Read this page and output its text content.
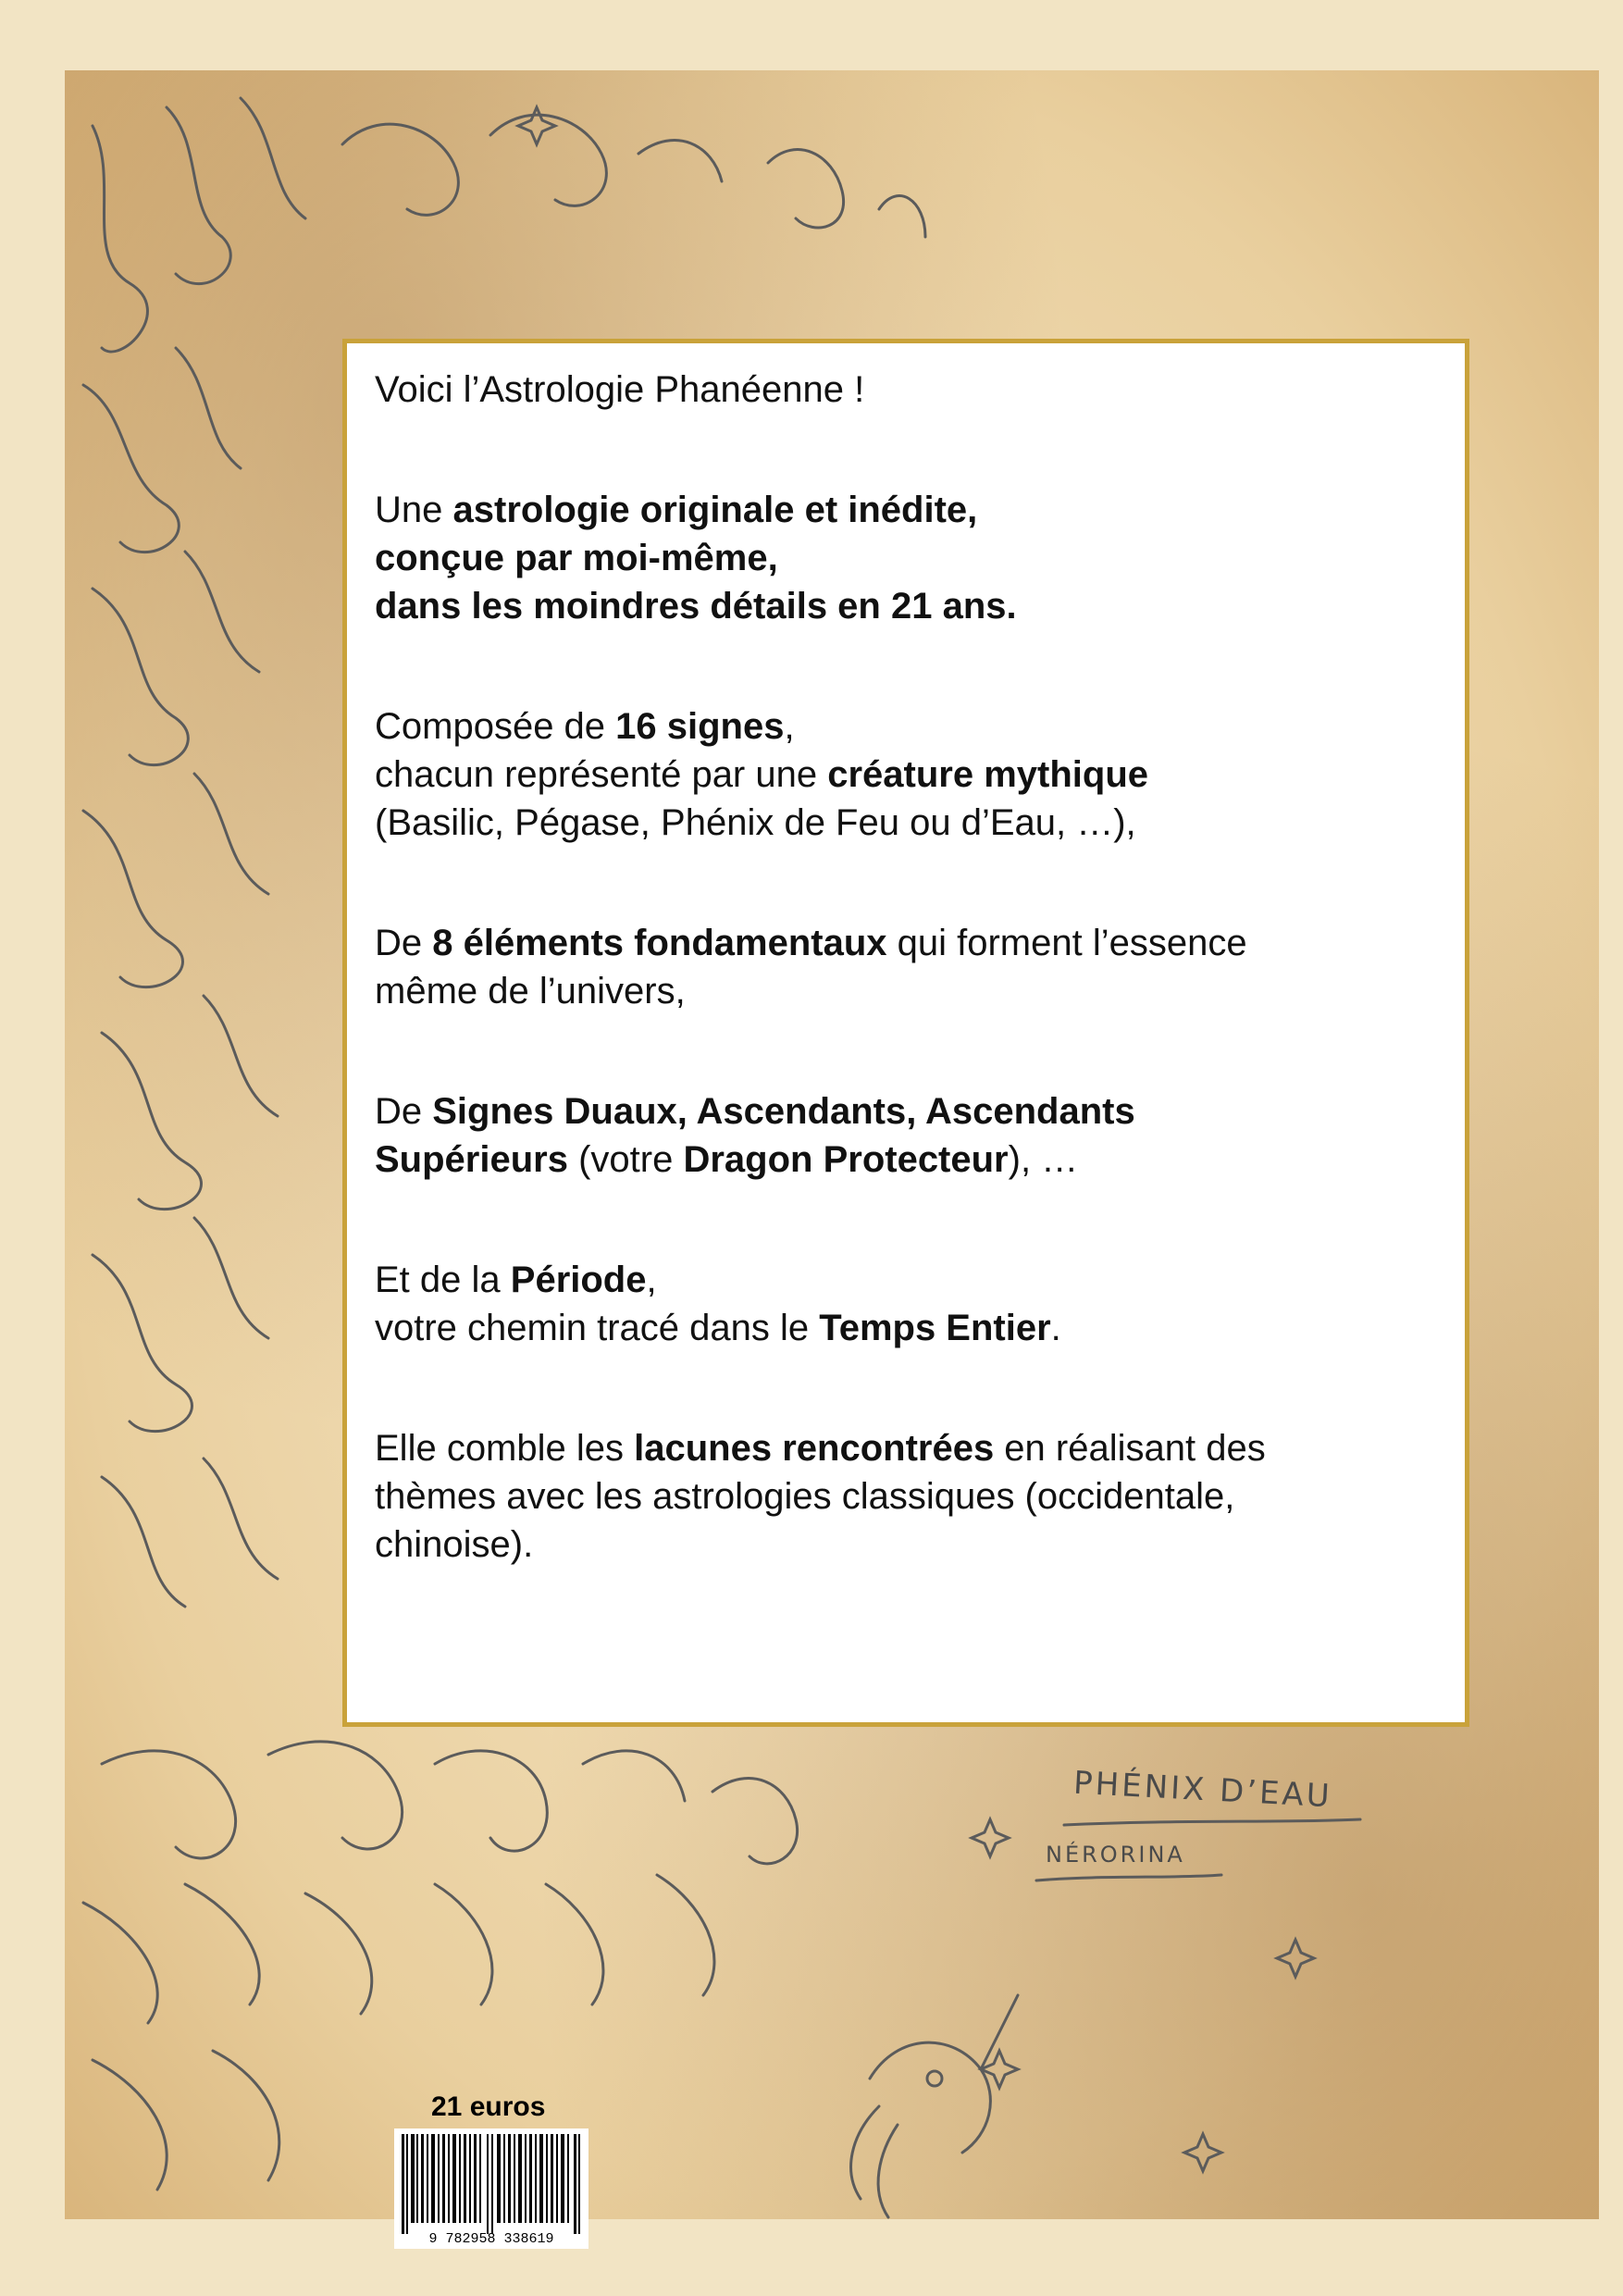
PHÉNIX D’EAU
NÉRORINA

Voici l’Astrologie Phanéenne !

Une astrologie originale et inédite,
conçue par moi-même,
dans les moindres détails en 21 ans.

Composée de 16 signes,
chacun représenté par une créature mythique
(Basilic, Pégase, Phénix de Feu ou d’Eau, …),

De 8 éléments fondamentaux qui forment l’essence
même de l’univers,

De Signes Duaux, Ascendants, Ascendants
Supérieurs (votre Dragon Protecteur), …

Et de la Période,
votre chemin tracé dans le Temps Entier.

Elle comble les lacunes rencontrées en réalisant des
thèmes avec les astrologies classiques (occidentale,
chinoise).

21 euros
9 782958 338619
